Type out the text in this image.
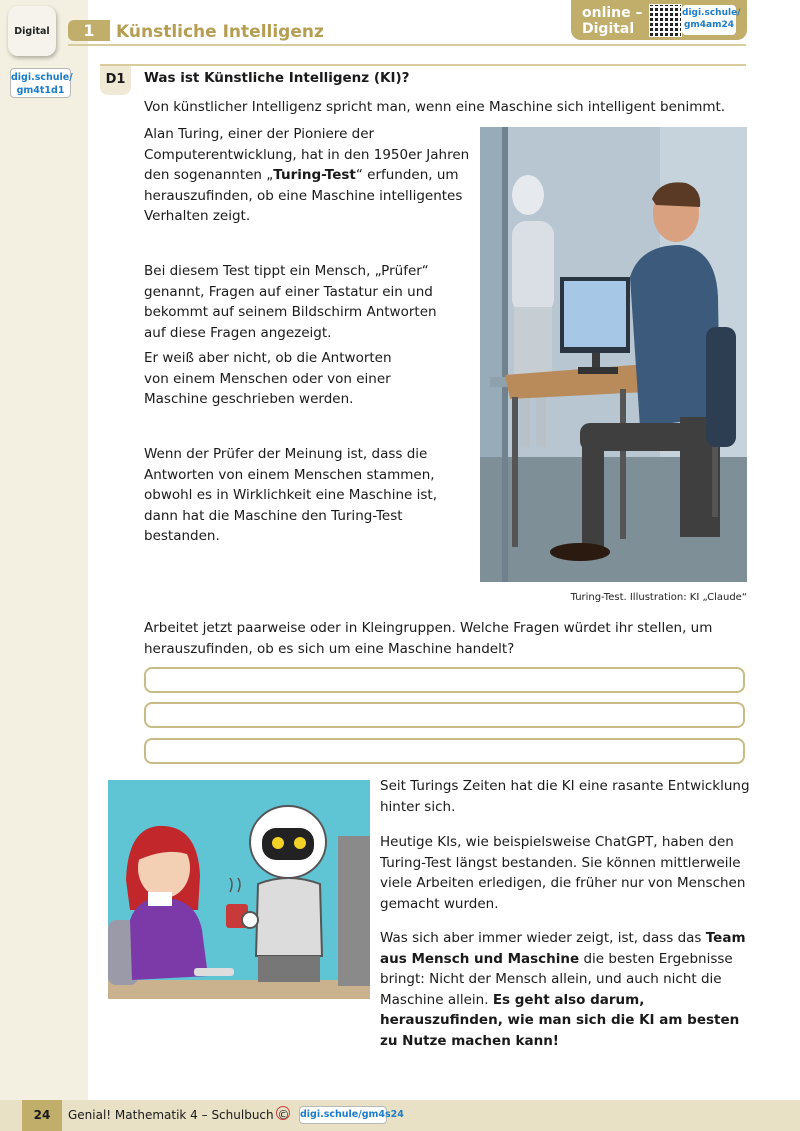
Digital	1	Künstliche Intelligenz
online –
Digital
digi.schule/
gm4am24
digi.schule/
gm4t1d1
D1	Was ist Künstliche Intelligenz (KI)?
Von künstlicher Intelligenz spricht man, wenn eine Maschine sich intelligent benimmt.
Alan Turing, einer der Pioniere der Computerentwicklung, hat in den 1950er Jahren den sogenannten „Turing-Test“ erfunden, um herauszufinden, ob eine Maschine intelligentes Verhalten zeigt.
Bei diesem Test tippt ein Mensch, „Prüfer“ genannt, Fragen auf einer Tastatur ein und bekommt auf seinem Bildschirm Antworten auf diese Fragen angezeigt.
Er weiß aber nicht, ob die Antworten von einem Menschen oder von einer Maschine geschrieben werden.
Wenn der Prüfer der Meinung ist, dass die Antworten von einem Menschen stammen, obwohl es in Wirklichkeit eine Maschine ist, dann hat die Maschine den Turing-Test bestanden.
Turing-Test. Illustration: KI „Claude“
Arbeitet jetzt paarweise oder in Kleingruppen. Welche Fragen würdet ihr stellen, um herauszufinden, ob es sich um eine Maschine handelt?
Seit Turings Zeiten hat die KI eine rasante Entwicklung hinter sich.
Heutige KIs, wie beispielsweise ChatGPT, haben den Turing-Test längst bestanden. Sie können mittlerweile viele Arbeiten erledigen, die früher nur von Menschen gemacht wurden.
Was sich aber immer wieder zeigt, ist, dass das Team aus Mensch und Maschine die besten Ergebnisse bringt: Nicht der Mensch allein, und auch nicht die Maschine allein. Es geht also darum, herauszufinden, wie man sich die KI am besten zu Nutze machen kann!
24	Genial! Mathematik 4 – Schulbuch © digi.schule/gm4s24
